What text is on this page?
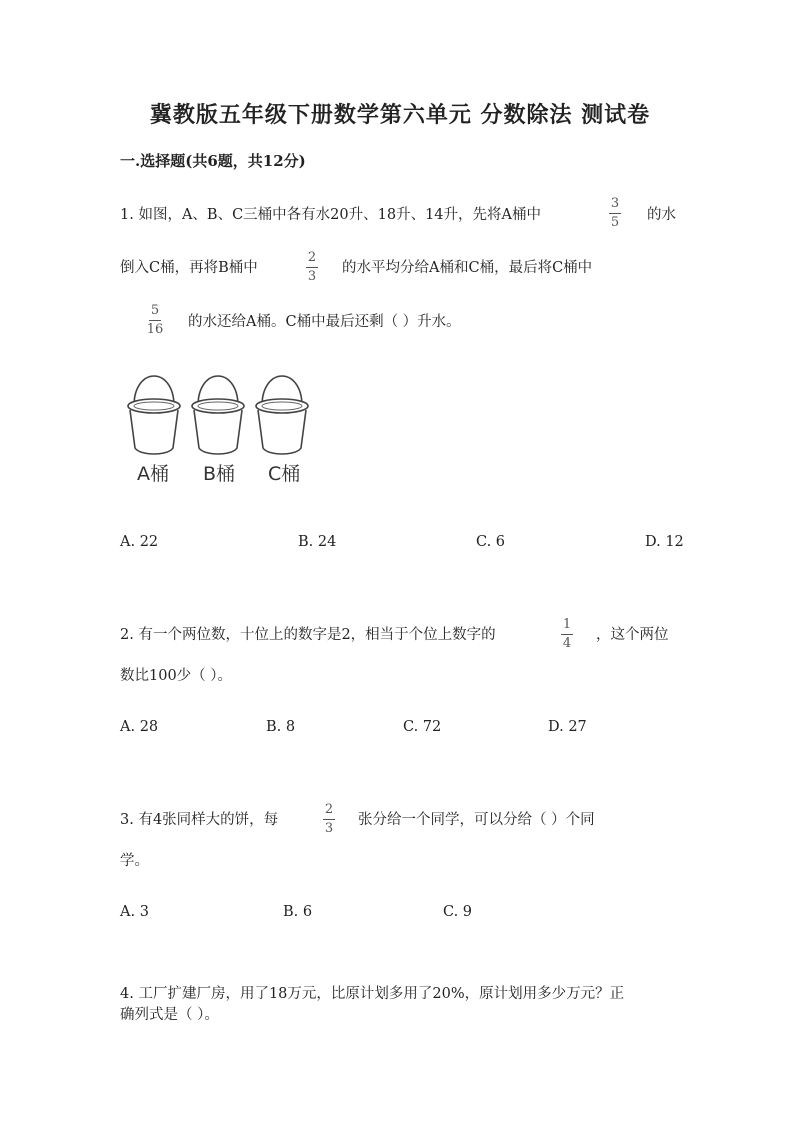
冀教版五年级下册数学第六单元 分数除法 测试卷
一.选择题(共6题，共12分)
1. 如图，A、B、C三桶中各有水20升、18升、14升，先将A桶中
3
5 的水
倒入C桶，再将B桶中
2
3
的水平均分给A桶和C桶，最后将C桶中
5
16 的水还给A桶。C桶中最后还剩（ ）升水。
A桶 B桶 C桶
A. 22	B. 24	C. 6	D. 12
2. 有一个两位数，十位上的数字是2，相当于个位上数字的
1
4
，这个两位
数比100少（ ）。
A. 28	B. 8	C. 72	D. 27
3. 有4张同样大的饼，每
2
3
张分给一个同学，可以分给（ ）个同
学。
A. 3	B. 6	C. 9
4. 工厂扩建厂房，用了18万元，比原计划多用了20%，原计划用多少万元？正
确列式是（ ）。
